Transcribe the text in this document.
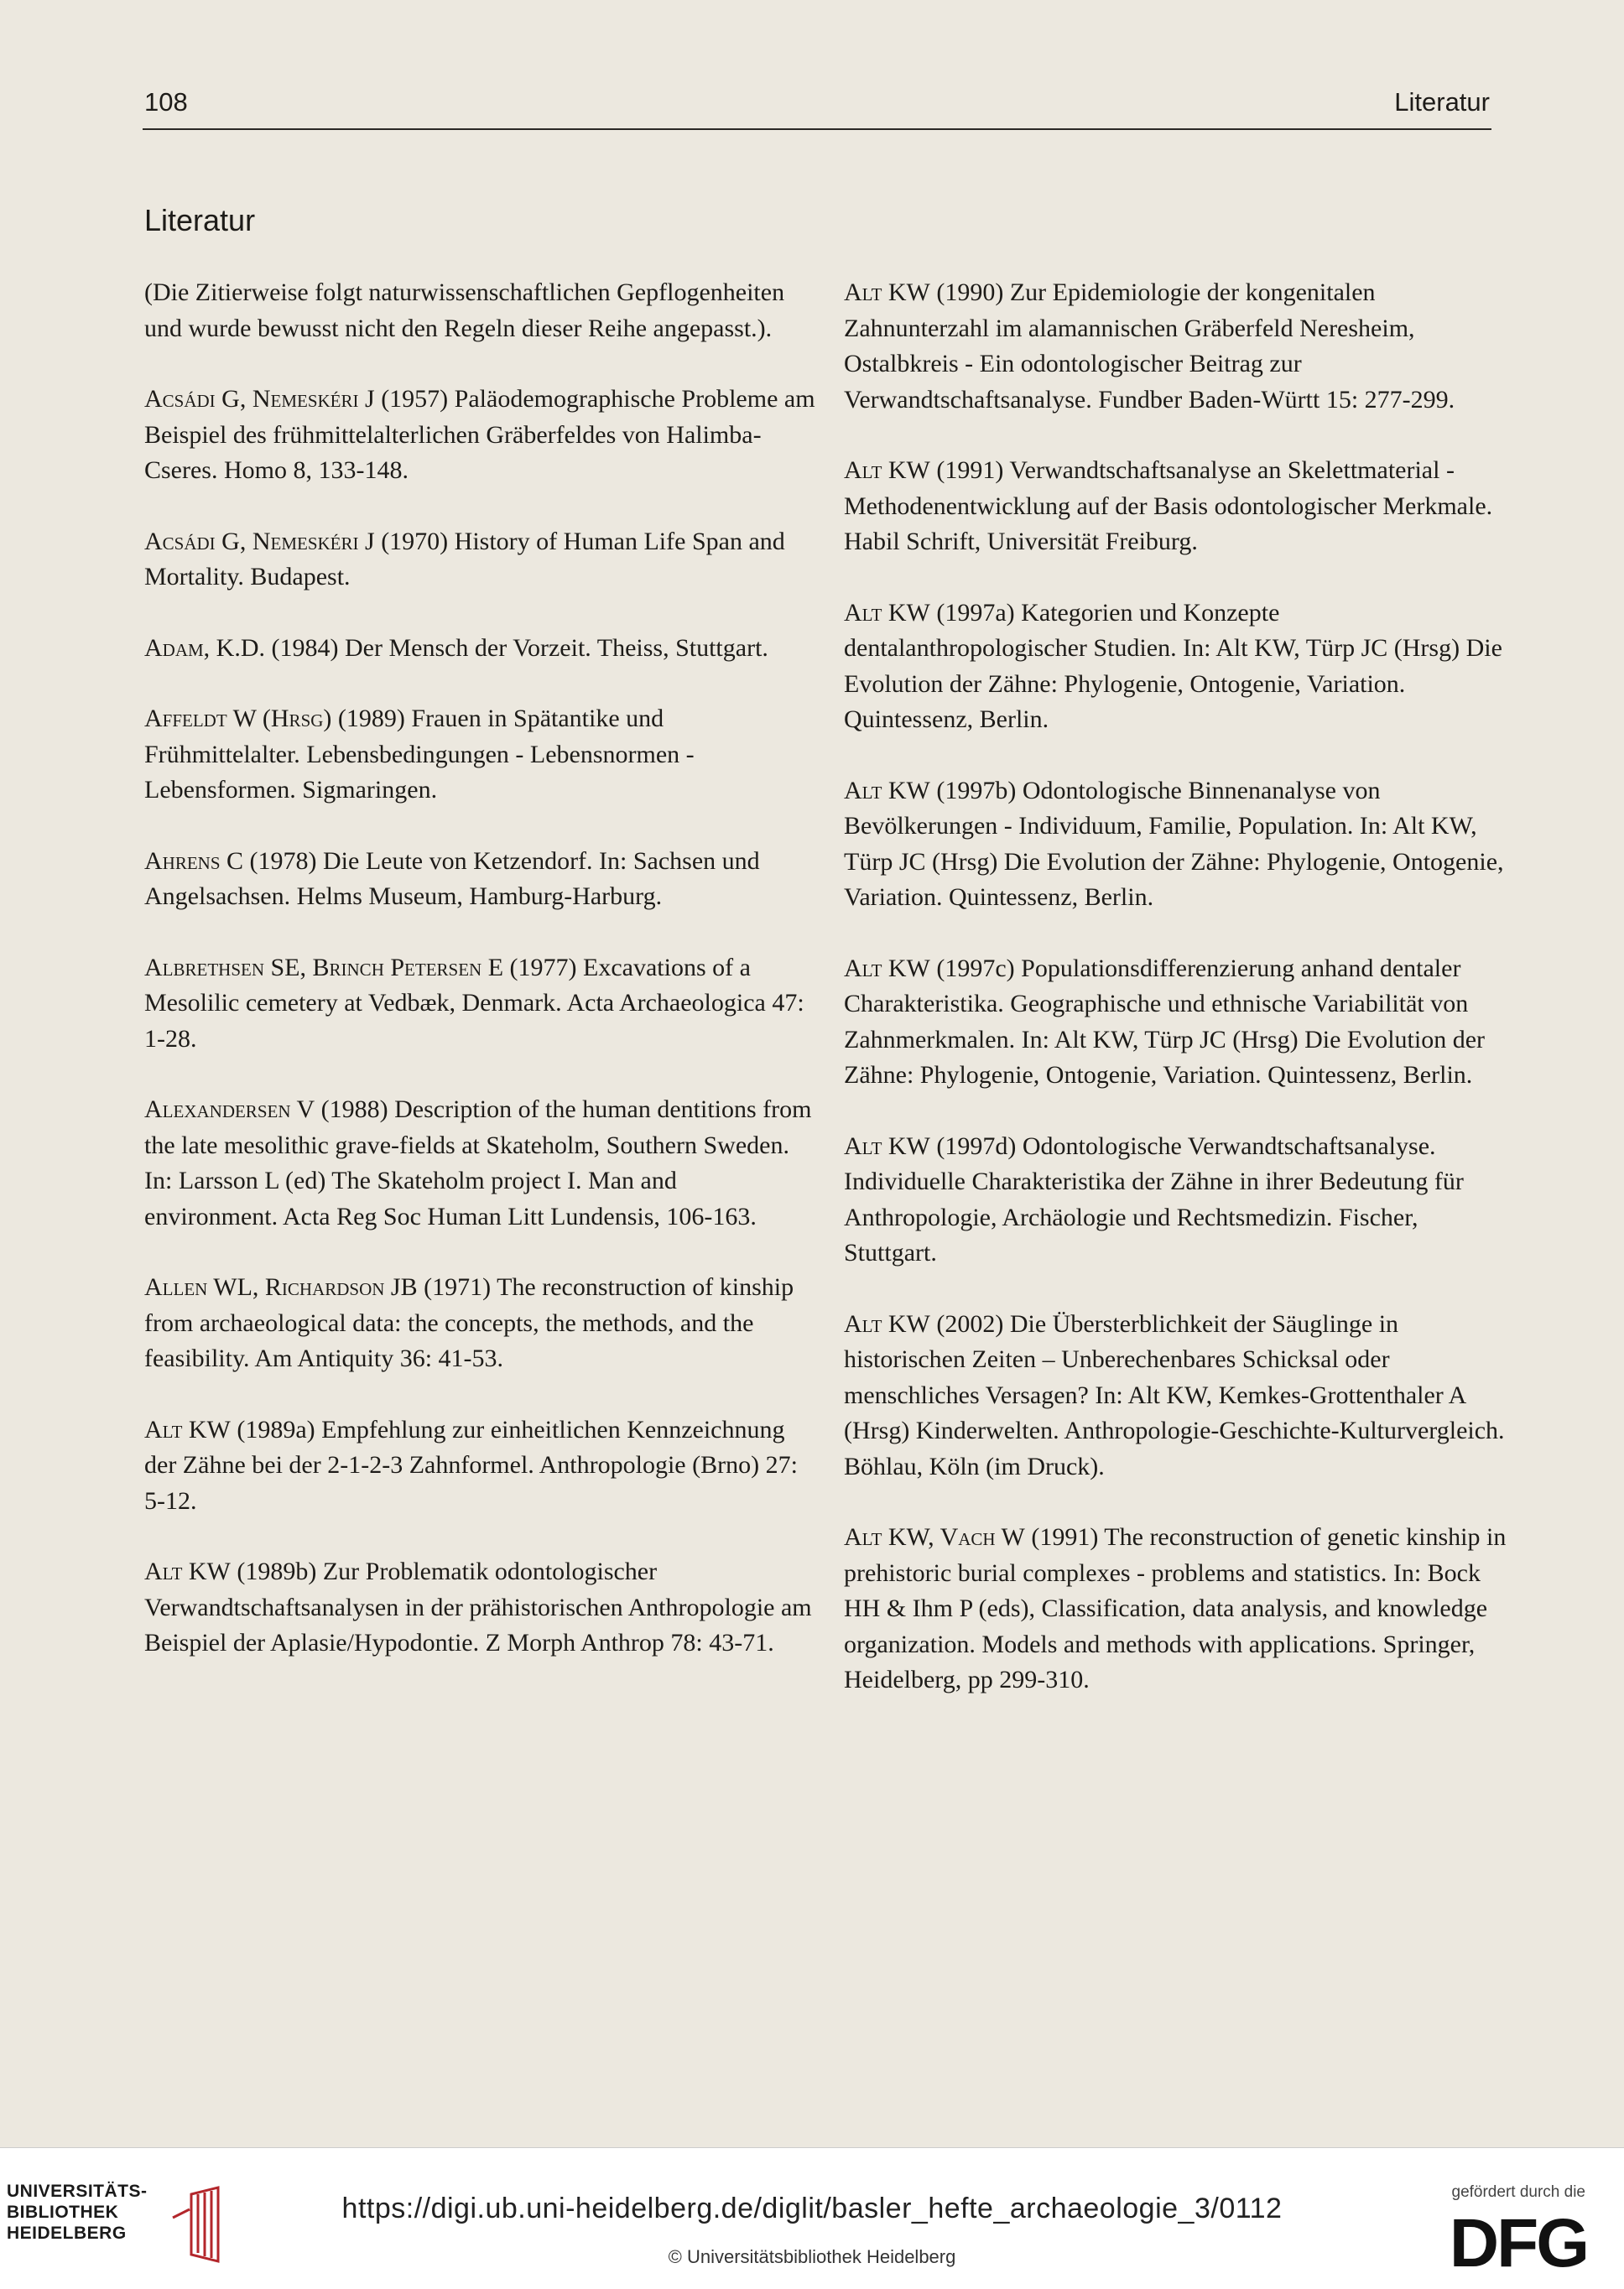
108	Literatur
Literatur

(Die Zitierweise folgt naturwissenschaftlichen Gepflogenheiten und wurde bewusst nicht den Regeln dieser Reihe angepasst.).

Acsádi G, Nemeskéri J (1957) Paläodemographische Probleme am Beispiel des frühmittelalterlichen Gräberfeldes von Halimba-Cseres. Homo 8, 133-148.

Acsádi G, Nemeskéri J (1970) History of Human Life Span and Mortality. Budapest.

Adam, K.D. (1984) Der Mensch der Vorzeit. Theiss, Stuttgart.

Affeldt W (Hrsg) (1989) Frauen in Spätantike und Frühmittelalter. Lebensbedingungen - Lebensnormen - Lebensformen. Sigmaringen.

Ahrens C (1978) Die Leute von Ketzendorf. In: Sachsen und Angelsachsen. Helms Museum, Hamburg-Harburg.

Albrethsen SE, Brinch Petersen E (1977) Excavations of a Mesolilic cemetery at Vedbæk, Denmark. Acta Archaeologica 47: 1-28.

Alexandersen V (1988) Description of the human dentitions from the late mesolithic grave-fields at Skateholm, Southern Sweden. In: Larsson L (ed) The Skateholm project I. Man and environment. Acta Reg Soc Human Litt Lundensis, 106-163.

Allen WL, Richardson JB (1971) The reconstruction of kinship from archaeological data: the concepts, the methods, and the feasibility. Am Antiquity 36: 41-53.

Alt KW (1989a) Empfehlung zur einheitlichen Kennzeichnung der Zähne bei der 2-1-2-3 Zahnformel. Anthropologie (Brno) 27: 5-12.

Alt KW (1989b) Zur Problematik odontologischer Verwandtschaftsanalysen in der prähistorischen Anthropologie am Beispiel der Aplasie/Hypodontie. Z Morph Anthrop 78: 43-71.

Alt KW (1990) Zur Epidemiologie der kongenitalen Zahnunterzahl im alamannischen Gräberfeld Neresheim, Ostalbkreis - Ein odontologischer Beitrag zur Verwandtschaftsanalyse. Fundber Baden-Württ 15: 277-299.

Alt KW (1991) Verwandtschaftsanalyse an Skelettmaterial - Methodenentwicklung auf der Basis odontologischer Merkmale. Habil Schrift, Universität Freiburg.

Alt KW (1997a) Kategorien und Konzepte dentalanthropologischer Studien. In: Alt KW, Türp JC (Hrsg) Die Evolution der Zähne: Phylogenie, Ontogenie, Variation. Quintessenz, Berlin.

Alt KW (1997b) Odontologische Binnenanalyse von Bevölkerungen - Individuum, Familie, Population. In: Alt KW, Türp JC (Hrsg) Die Evolution der Zähne: Phylogenie, Ontogenie, Variation. Quintessenz, Berlin.

Alt KW (1997c) Populationsdifferenzierung anhand dentaler Charakteristika. Geographische und ethnische Variabilität von Zahnmerkmalen. In: Alt KW, Türp JC (Hrsg) Die Evolution der Zähne: Phylogenie, Ontogenie, Variation. Quintessenz, Berlin.

Alt KW (1997d) Odontologische Verwandtschaftsanalyse. Individuelle Charakteristika der Zähne in ihrer Bedeutung für Anthropologie, Archäologie und Rechtsmedizin. Fischer, Stuttgart.

Alt KW (2002) Die Übersterblichkeit der Säuglinge in historischen Zeiten – Unberechenbares Schicksal oder menschliches Versagen? In: Alt KW, Kemkes-Grottenthaler A (Hrsg) Kinderwelten. Anthropologie-Geschichte-Kulturvergleich. Böhlau, Köln (im Druck).

Alt KW, Vach W (1991) The reconstruction of genetic kinship in prehistoric burial complexes - problems and statistics. In: Bock HH & Ihm P (eds), Classification, data analysis, and knowledge organization. Models and methods with applications. Springer, Heidelberg, pp 299-310.

UNIVERSITÄTS-
BIBLIOTHEK
HEIDELBERG
https://digi.ub.uni-heidelberg.de/diglit/basler_hefte_archaeologie_3/0112
© Universitätsbibliothek Heidelberg
gefördert durch die
DFG
